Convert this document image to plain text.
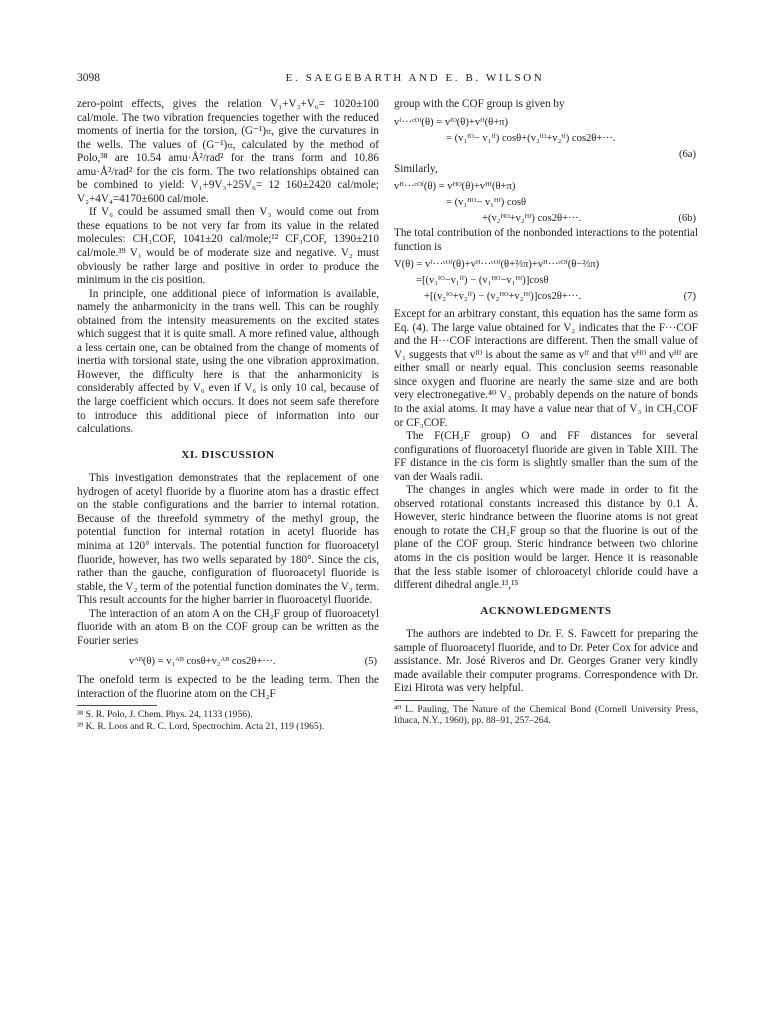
3098	E. SAEGEBARTH AND E. B. WILSON

zero-point effects, gives the relation V₁+V₃+V₆= 1020±100 cal/mole. The two vibration frequencies together with the reduced moments of inertia for the torsion, (G⁻¹)ₜₜ, give the curvatures in the wells. The values of (G⁻¹)ₜₜ, calculated by the method of Polo,³⁸ are 10.54 amu·Å²/rad² for the trans form and 10.86 amu·Å²/rad² for the cis form. The two relationships obtained can be combined to yield: V₁+9V₃+25V₆= 12 160±2420 cal/mole; V₂+4V₄=4170±600 cal/mole.

If V₆ could be assumed small then V₃ would come out from these equations to be not very far from its value in the related molecules: CH₃COF, 1041±20 cal/mole;¹² CF₃COF, 1390±210 cal/mole.³⁹ V₁ would be of moderate size and negative. V₂ must obviously be rather large and positive in order to produce the minimum in the cis position.

In principle, one additional piece of information is available, namely the anharmonicity in the trans well. This can be roughly obtained from the intensity measurements on the excited states which suggest that it is quite small. A more refined value, although a less certain one, can be obtained from the change of moments of inertia with torsional state, using the one vibration approximation. However, the difficulty here is that the anharmonicity is considerably affected by V₆ even if V₆ is only 10 cal, because of the large coefficient which occurs. It does not seem safe therefore to introduce this additional piece of information into our calculations.

XI. DISCUSSION

This investigation demonstrates that the replacement of one hydrogen of acetyl fluoride by a fluorine atom has a drastic effect on the stable configurations and the barrier to internal rotation. Because of the threefold symmetry of the methyl group, the potential function for internal rotation in acetyl fluoride has minima at 120° intervals. The potential function for fluoroacetyl fluoride, however, has two wells separated by 180°. Since the cis, rather than the gauche, configuration of fluoroacetyl fluoride is stable, the V₂ term of the potential function dominates the V₃ term. This result accounts for the higher barrier in fluoroacetyl fluoride.

The interaction of an atom A on the CH₂F group of fluoroacetyl fluoride with an atom B on the COF group can be written as the Fourier series

vᴬᴮ(θ) = v₁ᴬᴮ cosθ+v₂ᴬᴮ cos2θ+···.	(5)

The onefold term is expected to be the leading term. Then the interaction of the fluorine atom on the CH₂F

³⁸ S. R. Polo, J. Chem. Phys. 24, 1133 (1956).

³⁹ K. R. Loos and R. C. Lord, Spectrochim. Acta 21, 119 (1965).

group with the COF group is given by

vᶠ···ᶜᴼᶠ(θ) = vᶠᴼ(θ)+vᶠᶠ(θ+π)
= (v₁ᶠᴼ− v₁ᶠᶠ) cosθ+(v₂ᶠᴼ+v₂ᶠᶠ) cos2θ+···.
(6a)

Similarly,

vᴴ···ᶜᴼᶠ(θ) = vᴴᴼ(θ)+vᴴᶠ(θ+π)
= (v₁ᴴᴼ− v₁ᴴᶠ) cosθ
+(v₂ᴴᴼ+v₂ᴴᶠ) cos2θ+···.	(6b)

The total contribution of the nonbonded interactions to the potential function is

V(θ) = vᶠ···ᶜᴼᶠ(θ)+vᴴ···ᶜᴼᶠ(θ+⅔π)+vᴴ···ᶜᴼᶠ(θ−⅔π)
=[(v₁ᶠᴼ−v₁ᶠᶠ) − (v₁ᴴᴼ−v₁ᴴᶠ)]cosθ
+[(v₂ᶠᴼ+v₂ᶠᶠ) − (v₂ᴴᴼ+v₂ᴴᶠ)]cos2θ+···.	(7)

Except for an arbitrary constant, this equation has the same form as Eq. (4). The large value obtained for V₂ indicates that the F···COF and the H···COF interactions are different. Then the small value of V₁ suggests that vᶠᴼ is about the same as vᶠᶠ and that vᴴᴼ and vᴴᶠ are either small or nearly equal. This conclusion seems reasonable since oxygen and fluorine are nearly the same size and are both very electronegative.⁴⁰ V₃ probably depends on the nature of bonds to the axial atoms. It may have a value near that of V₃ in CH₃COF or CF₃COF.

The F(CH₂F group) O and FF distances for several configurations of fluoroacetyl fluoride are given in Table XIII. The FF distance in the cis form is slightly smaller than the sum of the van der Waals radii.

The changes in angles which were made in order to fit the observed rotational constants increased this distance by 0.1 Å. However, steric hindrance between the fluorine atoms is not great enough to rotate the CH₂F group so that the fluorine is out of the plane of the COF group. Steric hindrance between two chlorine atoms in the cis position would be larger. Hence it is reasonable that the less stable isomer of chloroacetyl chloride could have a different dihedral angle.¹³,¹⁵

ACKNOWLEDGMENTS

The authors are indebted to Dr. F. S. Fawcett for preparing the sample of fluoroacetyl fluoride, and to Dr. Peter Cox for advice and assistance. Mr. José Riveros and Dr. Georges Graner very kindly made available their computer programs. Correspondence with Dr. Eizi Hirota was very helpful.

⁴⁰ L. Pauling, The Nature of the Chemical Bond (Cornell University Press, Ithaca, N.Y., 1960), pp. 88–91, 257–264.
